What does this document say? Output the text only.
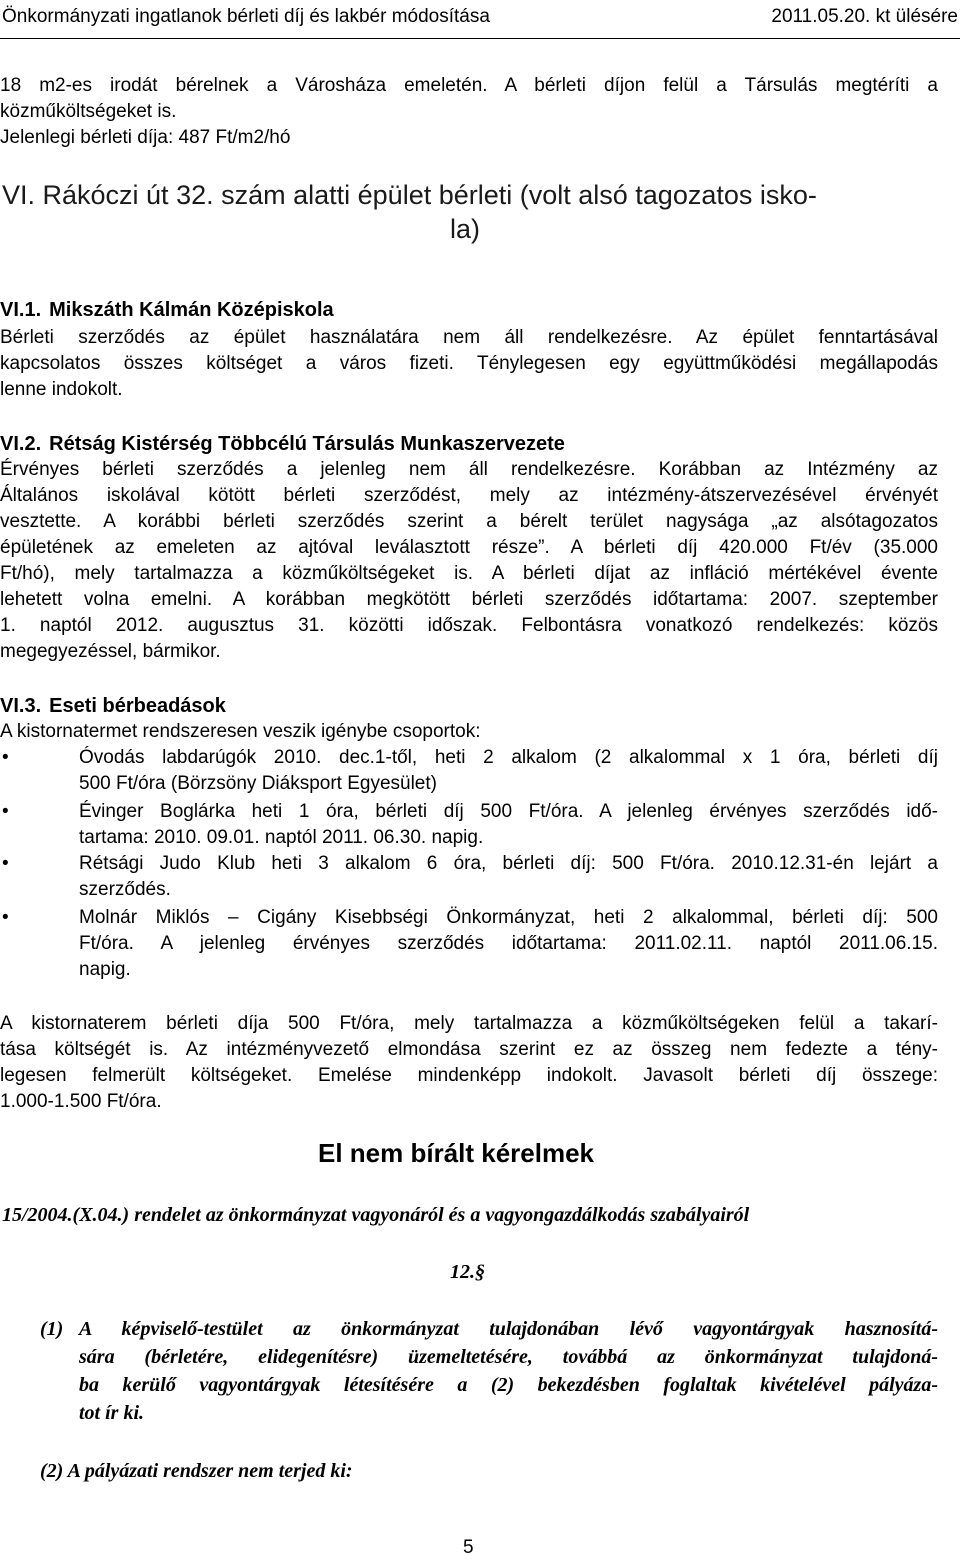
Önkormányzati ingatlanok bérleti díj és lakbér módosítása	2011.05.20. kt ülésére
18 m2-es irodát bérelnek a Városháza emeletén. A bérleti díjon felül a Társulás megtéríti a
közműköltségeket is.
Jelenlegi bérleti díja: 487 Ft/m2/hó
VI. Rákóczi út 32. szám alatti épület bérleti (volt alsó tagozatos isko-
la)
VI.1. Mikszáth Kálmán Középiskola
Bérleti szerződés az épület használatára nem áll rendelkezésre. Az épület fenntartásával
kapcsolatos összes költséget a város fizeti. Ténylegesen egy együttműködési megállapodás
lenne indokolt.
VI.2. Rétság Kistérség Többcélú Társulás Munkaszervezete
Érvényes bérleti szerződés a jelenleg nem áll rendelkezésre. Korábban az Intézmény az
Általános iskolával kötött bérleti szerződést, mely az intézmény-átszervezésével érvényét
vesztette. A korábbi bérleti szerződés szerint a bérelt terület nagysága „az alsótagozatos
épületének az emeleten az ajtóval leválasztott része”. A bérleti díj 420.000 Ft/év (35.000
Ft/hó), mely tartalmazza a közműköltségeket is. A bérleti díjat az infláció mértékével évente
lehetett volna emelni. A korábban megkötött bérleti szerződés időtartama: 2007. szeptember
1. naptól 2012. augusztus 31. közötti időszak. Felbontásra vonatkozó rendelkezés: közös
megegyezéssel, bármikor.
VI.3. Eseti bérbeadások
A kistornatermet rendszeresen veszik igénybe csoportok:
•	Óvodás labdarúgók 2010. dec.1-től, heti 2 alkalom (2 alkalommal x 1 óra, bérleti díj
500 Ft/óra (Börzsöny Diáksport Egyesület)
•	Évinger Boglárka heti 1 óra, bérleti díj 500 Ft/óra. A jelenleg érvényes szerződés idő-
tartama: 2010. 09.01. naptól 2011. 06.30. napig.
•	Rétsági Judo Klub heti 3 alkalom 6 óra, bérleti díj: 500 Ft/óra. 2010.12.31-én lejárt a
szerződés.
•	Molnár Miklós – Cigány Kisebbségi Önkormányzat, heti 2 alkalommal, bérleti díj: 500
Ft/óra. A jelenleg érvényes szerződés időtartama: 2011.02.11. naptól 2011.06.15.
napig.
A kistornaterem bérleti díja 500 Ft/óra, mely tartalmazza a közműköltségeken felül a takarí-
tása költségét is. Az intézményvezető elmondása szerint ez az összeg nem fedezte a tény-
legesen felmerült költségeket. Emelése mindenképp indokolt. Javasolt bérleti díj összege:
1.000-1.500 Ft/óra.
El nem bírált kérelmek
15/2004.(X.04.) rendelet az önkormányzat vagyonáról és a vagyongazdálkodás szabályairól
12.§
(1) A képviselő-testület az önkormányzat tulajdonában lévő vagyontárgyak hasznosítá-
sára (bérletére, elidegenítésre) üzemeltetésére, továbbá az önkormányzat tulajdoná-
ba kerülő vagyontárgyak létesítésére a (2) bekezdésben foglaltak kivételével pályáza-
tot ír ki.
(2) A pályázati rendszer nem terjed ki:
5
